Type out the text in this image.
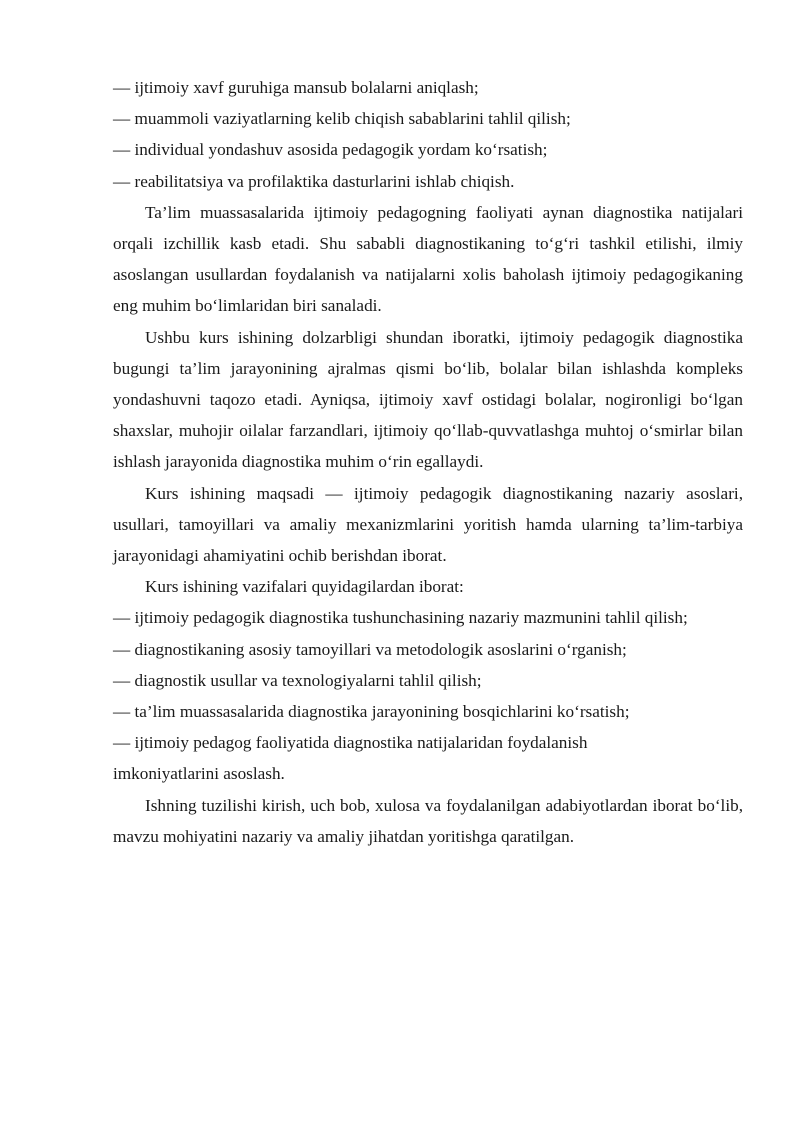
— ijtimoiy xavf guruhiga mansub bolalarni aniqlash;

— muammoli vaziyatlarning kelib chiqish sabablarini tahlil qilish;

— individual yondashuv asosida pedagogik yordam koʻrsatish;

— reabilitatsiya va profilaktika dasturlarini ishlab chiqish.

Ta’lim muassasalarida ijtimoiy pedagogning faoliyati aynan diagnostika natijalari orqali izchillik kasb etadi. Shu sababli diagnostikaning toʻgʻri tashkil etilishi, ilmiy asoslangan usullardan foydalanish va natijalarni xolis baholash ijtimoiy pedagogikaning eng muhim boʻlimlaridan biri sanaladi.

Ushbu kurs ishining dolzarbligi shundan iboratki, ijtimoiy pedagogik diagnostika bugungi ta’lim jarayonining ajralmas qismi boʻlib, bolalar bilan ishlashda kompleks yondashuvni taqozo etadi. Ayniqsa, ijtimoiy xavf ostidagi bolalar, nogironligi boʻlgan shaxslar, muhojir oilalar farzandlari, ijtimoiy qoʻllab-quvvatlashga muhtoj oʻsmirlar bilan ishlash jarayonida diagnostika muhim oʻrin egallaydi.

Kurs ishining maqsadi — ijtimoiy pedagogik diagnostikaning nazariy asoslari, usullari, tamoyillari va amaliy mexanizmlarini yoritish hamda ularning ta’lim-tarbiya jarayonidagi ahamiyatini ochib berishdan iborat.

Kurs ishining vazifalari quyidagilardan iborat:

— ijtimoiy pedagogik diagnostika tushunchasining nazariy mazmunini tahlil qilish;

— diagnostikaning asosiy tamoyillari va metodologik asoslarini oʻrganish;

— diagnostik usullar va texnologiyalarni tahlil qilish;

— ta’lim muassasalarida diagnostika jarayonining bosqichlarini koʻrsatish;

— ijtimoiy pedagog faoliyatida diagnostika natijalaridan foydalanish imkoniyatlarini asoslash.

Ishning tuzilishi kirish, uch bob, xulosa va foydalanilgan adabiyotlardan iborat boʻlib, mavzu mohiyatini nazariy va amaliy jihatdan yoritishga qaratilgan.
